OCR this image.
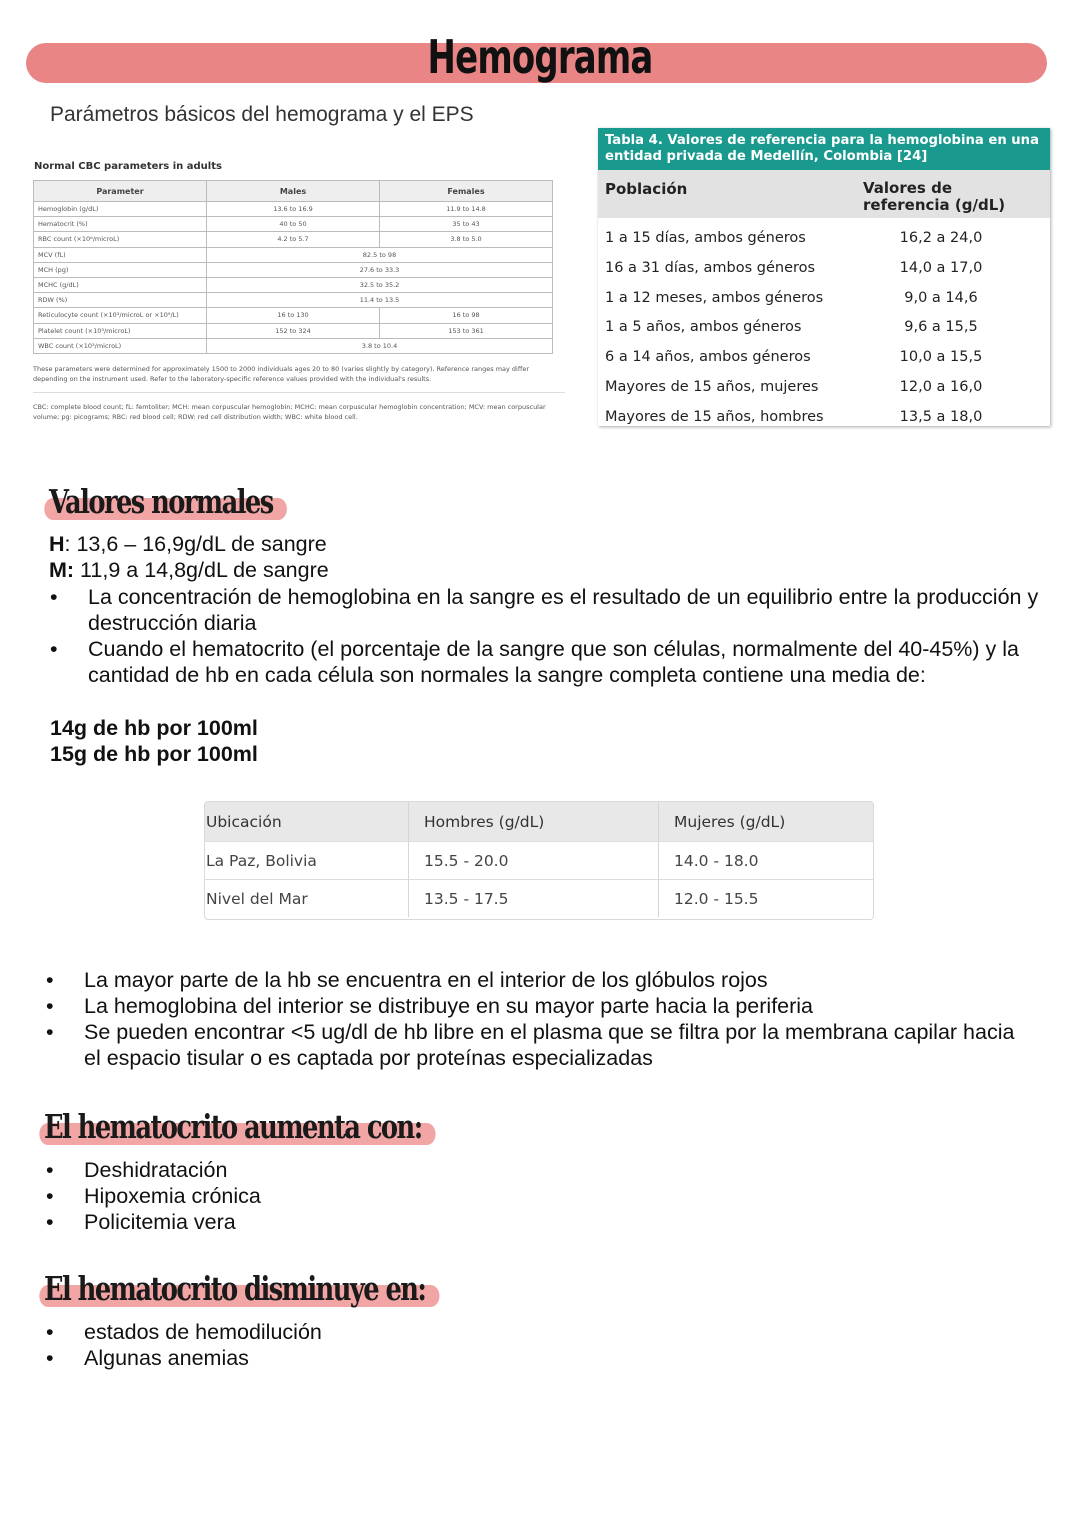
Hemograma
Parámetros básicos del hemograma y el EPS
Normal CBC parameters in adults
Parameter	Males	Females
Hemoglobin (g/dL)	13.6 to 16.9	11.9 to 14.8
Hematocrit (%)	40 to 50	35 to 43
RBC count (×10⁶/microL)	4.2 to 5.7	3.8 to 5.0
MCV (fL)	82.5 to 98	
MCH (pg)	27.6 to 33.3	
MCHC (g/dL)	32.5 to 35.2	
RDW (%)	11.4 to 13.5	
Reticulocyte count (×10³/microL or ×10⁹/L)	16 to 130	16 to 98
Platelet count (×10³/microL)	152 to 324	153 to 361
WBC count (×10³/microL)	3.8 to 10.4	
These parameters were determined for approximately 1500 to 2000 individuals ages 20 to 80 (varies slightly by category). Reference ranges may differ depending on the instrument used. Refer to the laboratory-specific reference values provided with the individual's results.
CBC: complete blood count; fL: femtoliter; MCH: mean corpuscular hemoglobin; MCHC: mean corpuscular hemoglobin concentration; MCV: mean corpuscular volume; pg: picograms; RBC: red blood cell; RDW: red cell distribution width; WBC: white blood cell.
Tabla 4. Valores de referencia para la hemoglobina en una entidad privada de Medellín, Colombia [24]
Población	Valores de referencia (g/dL)
1 a 15 días, ambos géneros	16,2 a 24,0
16 a 31 días, ambos géneros	14,0 a 17,0
1 a 12 meses, ambos géneros	9,0 a 14,6
1 a 5 años, ambos géneros	9,6 a 15,5
6 a 14 años, ambos géneros	10,0 a 15,5
Mayores de 15 años, mujeres	12,0 a 16,0
Mayores de 15 años, hombres	13,5 a 18,0
Valores normales
H: 13,6 – 16,9g/dL de sangre
M: 11,9 a 14,8g/dL de sangre
• La concentración de hemoglobina en la sangre es el resultado de un equilibrio entre la producción y destrucción diaria
• Cuando el hematocrito (el porcentaje de la sangre que son células, normalmente del 40-45%) y la cantidad de hb en cada célula son normales la sangre completa contiene una media de:
14g de hb por 100ml
15g de hb por 100ml
Ubicación	Hombres (g/dL)	Mujeres (g/dL)
La Paz, Bolivia	15.5 - 20.0	14.0 - 18.0
Nivel del Mar	13.5 - 17.5	12.0 - 15.5
• La mayor parte de la hb se encuentra en el interior de los glóbulos rojos
• La hemoglobina del interior se distribuye en su mayor parte hacia la periferia
• Se pueden encontrar <5 ug/dl de hb libre en el plasma que se filtra por la membrana capilar hacia el espacio tisular o es captada por proteínas especializadas
El hematocrito aumenta con:
• Deshidratación
• Hipoxemia crónica
• Policitemia vera
El hematocrito disminuye en:
• estados de hemodilución
• Algunas anemias
